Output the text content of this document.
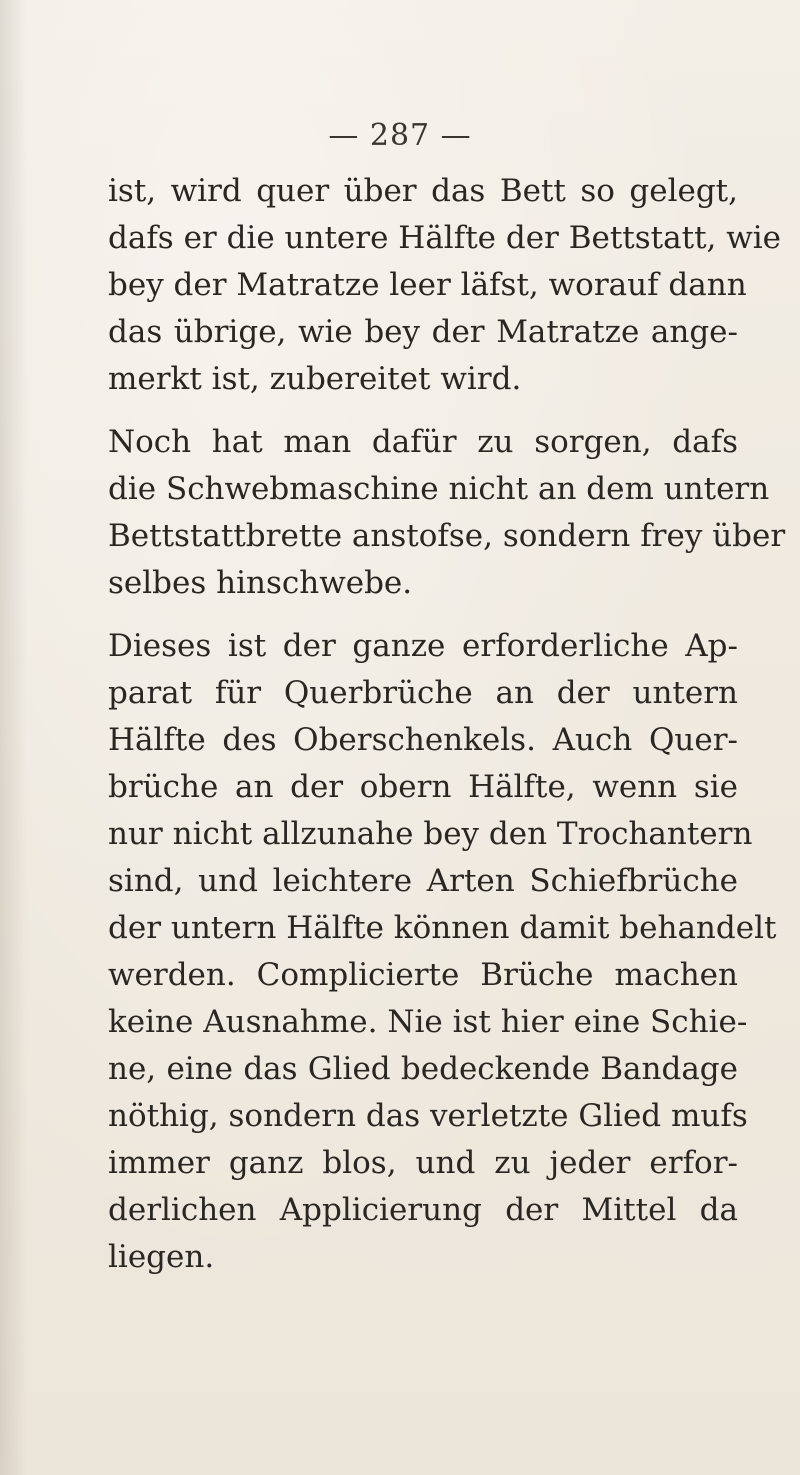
— 287 —
ist, wird quer über das Bett so gelegt,
dafs er die untere Hälfte der Bettstatt, wie
bey der Matratze leer läfst, worauf dann
das übrige, wie bey der Matratze ange-
merkt ist, zubereitet wird.
Noch hat man dafür zu sorgen, dafs
die Schwebmaschine nicht an dem untern
Bettstattbrette anstofse, sondern frey über
selbes hinschwebe.
Dieses ist der ganze erforderliche Ap-
parat für Querbrüche an der untern
Hälfte des Oberschenkels. Auch Quer-
brüche an der obern Hälfte, wenn sie
nur nicht allzunahe bey den Trochantern
sind, und leichtere Arten Schiefbrüche
der untern Hälfte können damit behandelt
werden. Complicierte Brüche machen
keine Ausnahme. Nie ist hier eine Schie-
ne, eine das Glied bedeckende Bandage
nöthig, sondern das verletzte Glied mufs
immer ganz blos, und zu jeder erfor-
derlichen Applicierung der Mittel da
liegen.
